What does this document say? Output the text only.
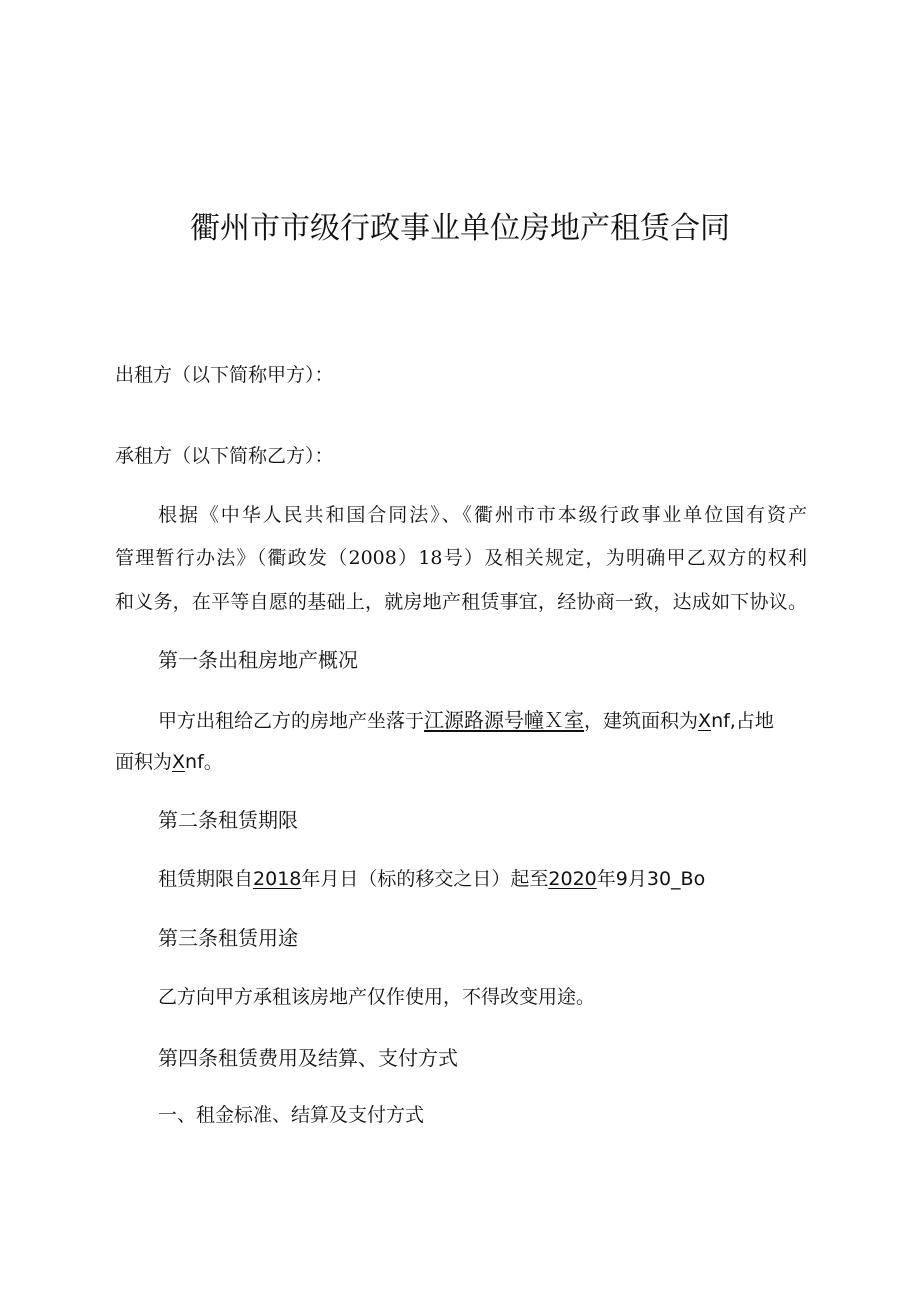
衢州市市级行政事业单位房地产租赁合同
出租方（以下简称甲方）：
承租方（以下简称乙方）：
根据《中华人民共和国合同法》、《衢州市市本级行政事业单位国有资产
管理暂行办法》（衢政发（2008）18号）及相关规定，为明确甲乙双方的权利
和义务，在平等自愿的基础上，就房地产租赁事宜，经协商一致，达成如下协议。
第一条出租房地产概况
甲方出租给乙方的房地产坐落于江源路源号幢Ｘ室，建筑面积为Xnf,占地
面积为Xnf。
第二条租赁期限
租赁期限自2018年月日（标的移交之日）起至2020年9月30_Bo
第三条租赁用途
乙方向甲方承租该房地产仅作使用，不得改变用途。
第四条租赁费用及结算、支付方式
一、租金标准、结算及支付方式
